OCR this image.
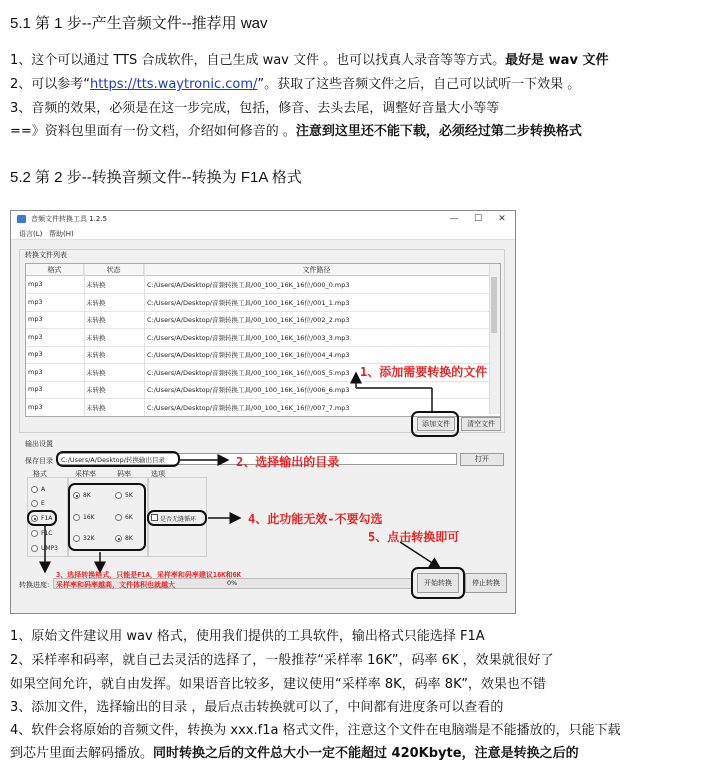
5.1 第 1 步--产生音频文件--推荐用 wav
1、这个可以通过 TTS 合成软件，自己生成 wav 文件 。也可以找真人录音等等方式。最好是 wav 文件
2、可以参考“https://tts.waytronic.com/”。获取了这些音频文件之后，自己可以试听一下效果 。
3、音频的效果，必须是在这一步完成，包括，修音、去头去尾，调整好音量大小等等
==》资料包里面有一份文档，介绍如何修音的 。注意到这里还不能下载，必须经过第二步转换格式
5.2 第 2 步--转换音频文件--转换为 F1A 格式
音频文件转换工具 1.2.5	—	☐	✕
语言(L) 帮助(H)
转换文件列表
格式	状态	文件路径
mp3	未转换	C:/Users/A/Desktop/音频转换工具/00_100_16K_16位/000_0.mp3
mp3	未转换	C:/Users/A/Desktop/音频转换工具/00_100_16K_16位/001_1.mp3
mp3	未转换	C:/Users/A/Desktop/音频转换工具/00_100_16K_16位/002_2.mp3
mp3	未转换	C:/Users/A/Desktop/音频转换工具/00_100_16K_16位/003_3.mp3
mp3	未转换	C:/Users/A/Desktop/音频转换工具/00_100_16K_16位/004_4.mp3
mp3	未转换	C:/Users/A/Desktop/音频转换工具/00_100_16K_16位/005_5.mp3
mp3	未转换	C:/Users/A/Desktop/音频转换工具/00_100_16K_16位/006_6.mp3
mp3	未转换	C:/Users/A/Desktop/音频转换工具/00_100_16K_16位/007_7.mp3
添加文件	清空文件
输出设置
保存目录 C:/Users/A/Desktop/转换输出目录	打开
格式	采样率	码率	选项
A
E
F1A
F1C
UMP3
8K
16K
32K
5K
6K
8K
是否无缝循环
转换进度:	0%	开始转换	停止转换
1、添加需要转换的文件
2、选择输出的目录
4、此功能无效-不要勾选
5、点击转换即可
3、选择转换格式，只能是F1A，采样率和码率建议16K和6K
采样率和码率越高，文件体积也就越大
1、原始文件建议用 wav 格式，使用我们提供的工具软件，输出格式只能选择 F1A
2、采样率和码率，就自己去灵活的选择了，一般推荐“采样率 16K”，码率 6K ，效果就很好了
如果空间允许，就自由发挥。如果语音比较多，建议使用“采样率 8K，码率 8K”，效果也不错
3、添加文件，选择输出的目录 ，最后点击转换就可以了，中间都有进度条可以查看的
4、软件会将原始的音频文件，转换为 xxx.f1a 格式文件，注意这个文件在电脑端是不能播放的，只能下载
到芯片里面去解码播放。同时转换之后的文件总大小一定不能超过 420Kbyte，注意是转换之后的
